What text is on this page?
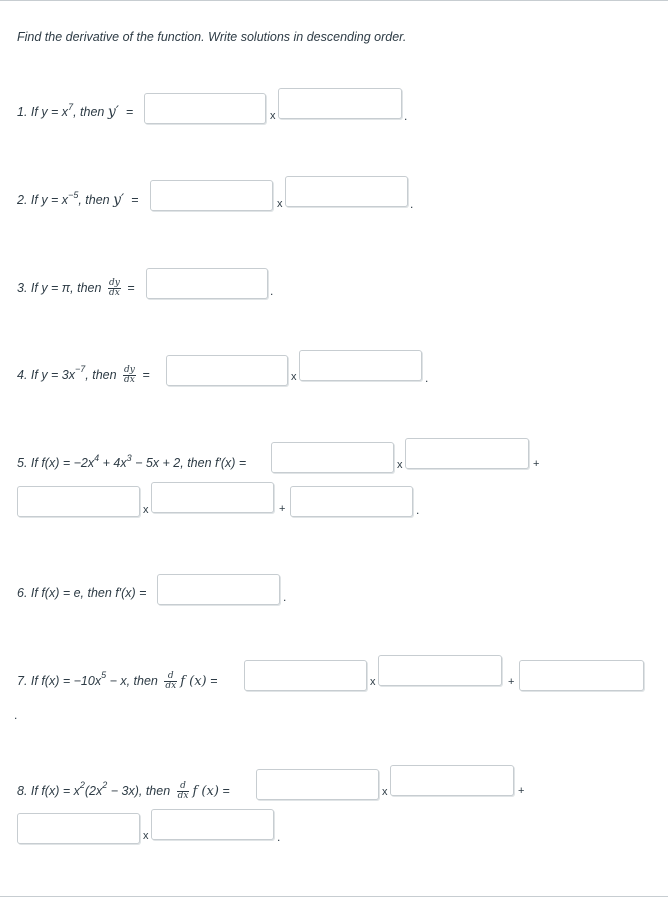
Find the derivative of the function. Write solutions in descending order.
1. If $y = x^7$, then y′ =	x	.
2. If $y = x^{-5}$, then y′ =	x	.
3. If y = π, then $\frac{dy}{dx}$ =	.
4. If $y = 3x^{-7}$, then $\frac{dy}{dx}$ =	x	.
5. If $f(x) = -2x^4 + 4x^3 - 5x + 2$, then f′(x) =	x	+
x	+	.
6. If f(x) = e, then f′(x) =	.
7. If $f(x) = -10x^5 - x$, then $\frac{d}{dx}$ f (x) =	x	+
.
8. If $f(x) = x^2(2x^2 - 3x)$, then $\frac{d}{dx}$ f (x) =	x	+
x	.
